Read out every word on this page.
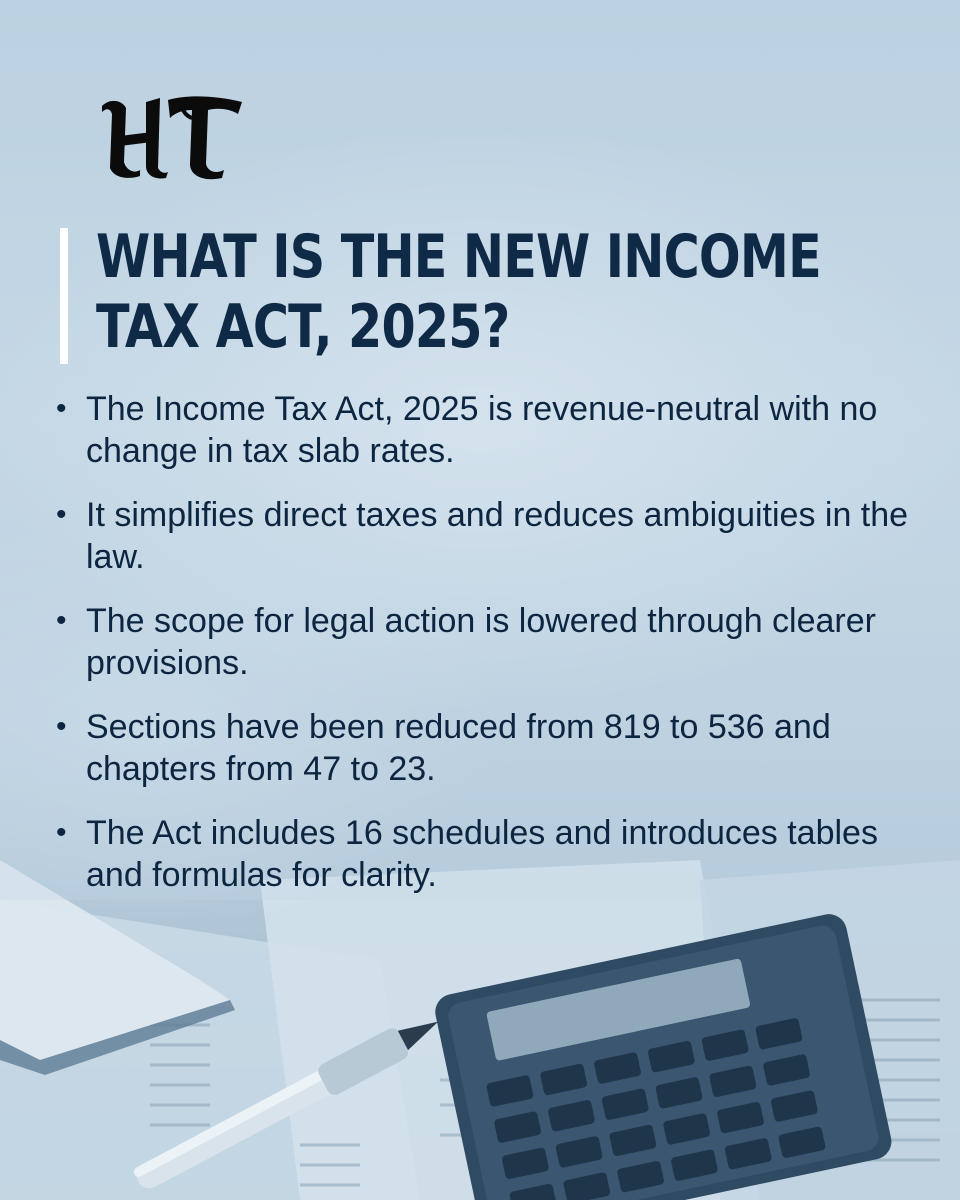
WHAT IS THE NEW INCOME
TAX ACT, 2025?
• The Income Tax Act, 2025 is revenue-neutral with no change in tax slab rates.
• It simplifies direct taxes and reduces ambiguities in the law.
• The scope for legal action is lowered through clearer provisions.
• Sections have been reduced from 819 to 536 and chapters from 47 to 23.
• The Act includes 16 schedules and introduces tables and formulas for clarity.
